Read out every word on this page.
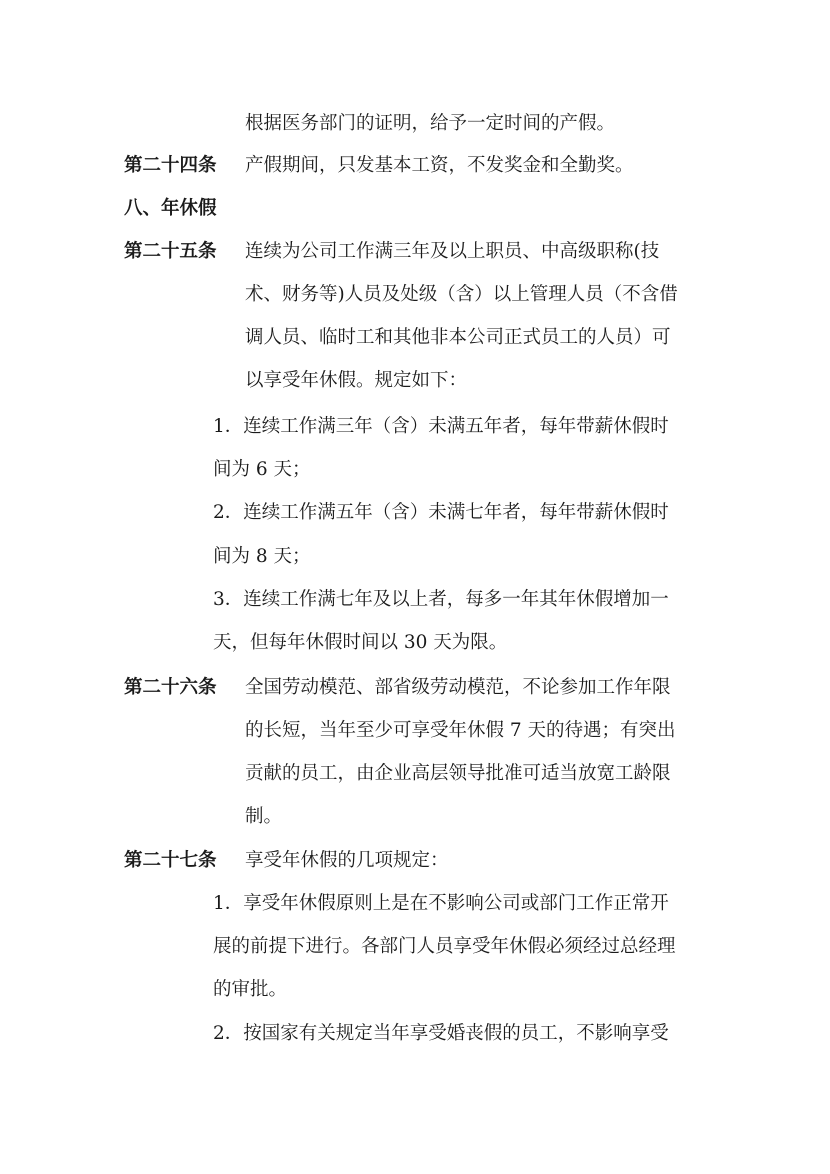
根据医务部门的证明，给予一定时间的产假。
第二十四条 产假期间，只发基本工资，不发奖金和全勤奖。
八、年休假
第二十五条 连续为公司工作满三年及以上职员、中高级职称(技
术、财务等)人员及处级（含）以上管理人员（不含借
调人员、临时工和其他非本公司正式员工的人员）可
以享受年休假。规定如下：
1．连续工作满三年（含）未满五年者，每年带薪休假时
间为 6 天；
2．连续工作满五年（含）未满七年者，每年带薪休假时
间为 8 天；
3．连续工作满七年及以上者，每多一年其年休假增加一
天，但每年休假时间以 30 天为限。
第二十六条 全国劳动模范、部省级劳动模范，不论参加工作年限
的长短，当年至少可享受年休假 7 天的待遇；有突出
贡献的员工，由企业高层领导批准可适当放宽工龄限
制。
第二十七条 享受年休假的几项规定：
1．享受年休假原则上是在不影响公司或部门工作正常开
展的前提下进行。各部门人员享受年休假必须经过总经理
的审批。
2．按国家有关规定当年享受婚丧假的员工，不影响享受
